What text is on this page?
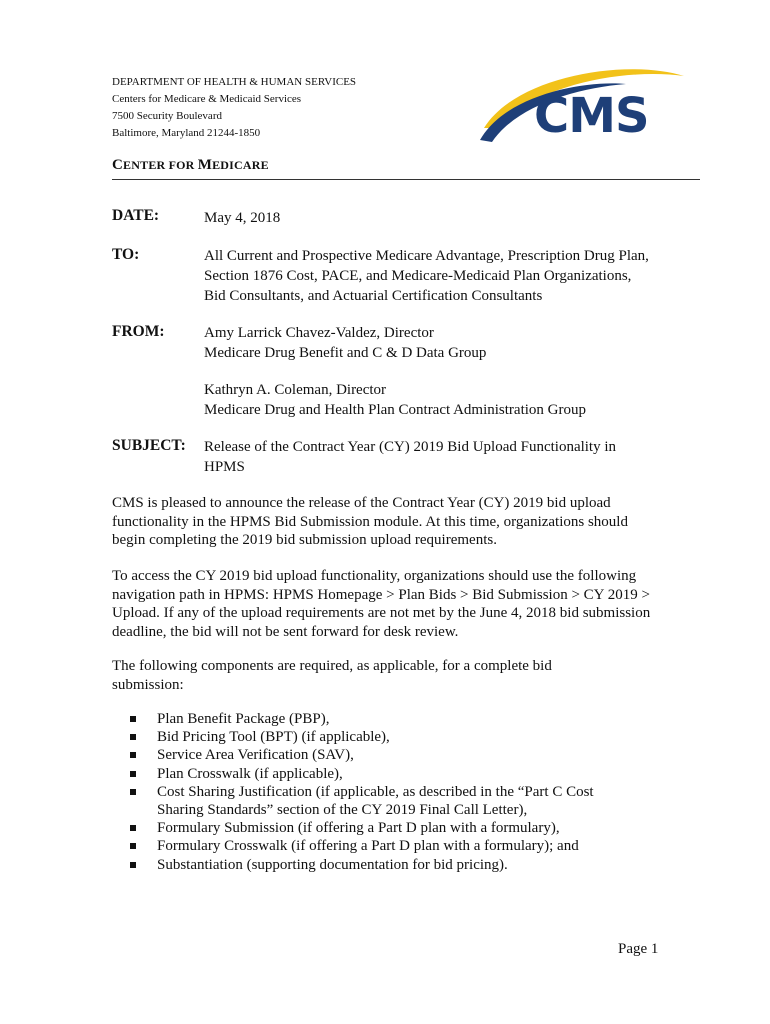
DEPARTMENT OF HEALTH & HUMAN SERVICES
Centers for Medicare & Medicaid Services
7500 Security Boulevard
Baltimore, Maryland 21244-1850	CMS
CENTER FOR MEDICARE
DATE:	May 4, 2018
TO:	All Current and Prospective Medicare Advantage, Prescription Drug Plan,
Section 1876 Cost, PACE, and Medicare-Medicaid Plan Organizations,
Bid Consultants, and Actuarial Certification Consultants
FROM:	Amy Larrick Chavez-Valdez, Director
Medicare Drug Benefit and C & D Data Group
Kathryn A. Coleman, Director
Medicare Drug and Health Plan Contract Administration Group
SUBJECT: Release of the Contract Year (CY) 2019 Bid Upload Functionality in
HPMS
CMS is pleased to announce the release of the Contract Year (CY) 2019 bid upload
functionality in the HPMS Bid Submission module. At this time, organizations should
begin completing the 2019 bid submission upload requirements.
To access the CY 2019 bid upload functionality, organizations should use the following
navigation path in HPMS: HPMS Homepage > Plan Bids > Bid Submission > CY 2019 >
Upload. If any of the upload requirements are not met by the June 4, 2018 bid submission
deadline, the bid will not be sent forward for desk review.
The following components are required, as applicable, for a complete bid
submission:
Plan Benefit Package (PBP),
Bid Pricing Tool (BPT) (if applicable),
Service Area Verification (SAV),
Plan Crosswalk (if applicable),
Cost Sharing Justification (if applicable, as described in the “Part C Cost
Sharing Standards” section of the CY 2019 Final Call Letter),
Formulary Submission (if offering a Part D plan with a formulary),
Formulary Crosswalk (if offering a Part D plan with a formulary); and
Substantiation (supporting documentation for bid pricing).
Page 1
